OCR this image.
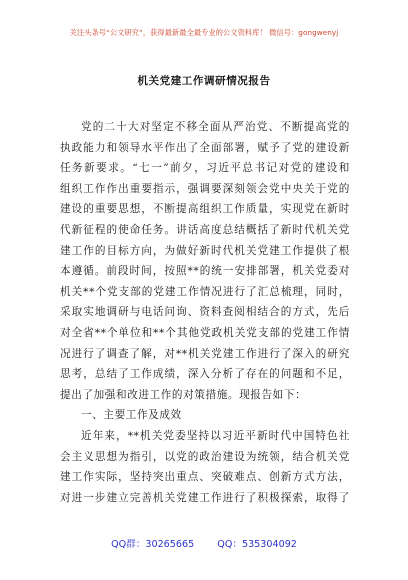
关注头条号“公文研究”，获得最新最全最专业的公文资料库！ 微信号：gongwenyj
机关党建工作调研情况报告

党的二十大对坚定不移全面从严治党、不断提高党的
执政能力和领导水平作出了全面部署，赋予了党的建设新
任务新要求。“七一”前夕，习近平总书记对党的建设和
组织工作作出重要指示，强调要深刻领会党中央关于党的
建设的重要思想，不断提高组织工作质量，实现党在新时
代新征程的使命任务。讲话高度总结概括了新时代机关党
建工作的目标方向，为做好新时代机关党建工作提供了根
本遵循。前段时间，按照**的统一安排部署，机关党委对
机关**个党支部的党建工作情况进行了汇总梳理，同时，
采取实地调研与电话问询、资料查阅相结合的方式，先后
对全省**个单位和**个其他党政机关党支部的党建工作情
况进行了调查了解，对**机关党建工作进行了深入的研究
思考，总结了工作成绩，深入分析了存在的问题和不足，
提出了加强和改进工作的对策措施。现报告如下：

一、主要工作及成效

近年来，**机关党委坚持以习近平新时代中国特色社
会主义思想为指引，以党的政治建设为统领，结合机关党
建工作实际，坚持突出重点、突破难点、创新方式方法，
对进一步建立完善机关党建工作进行了积极探索，取得了

QQ群：30265665 QQ：535304092
